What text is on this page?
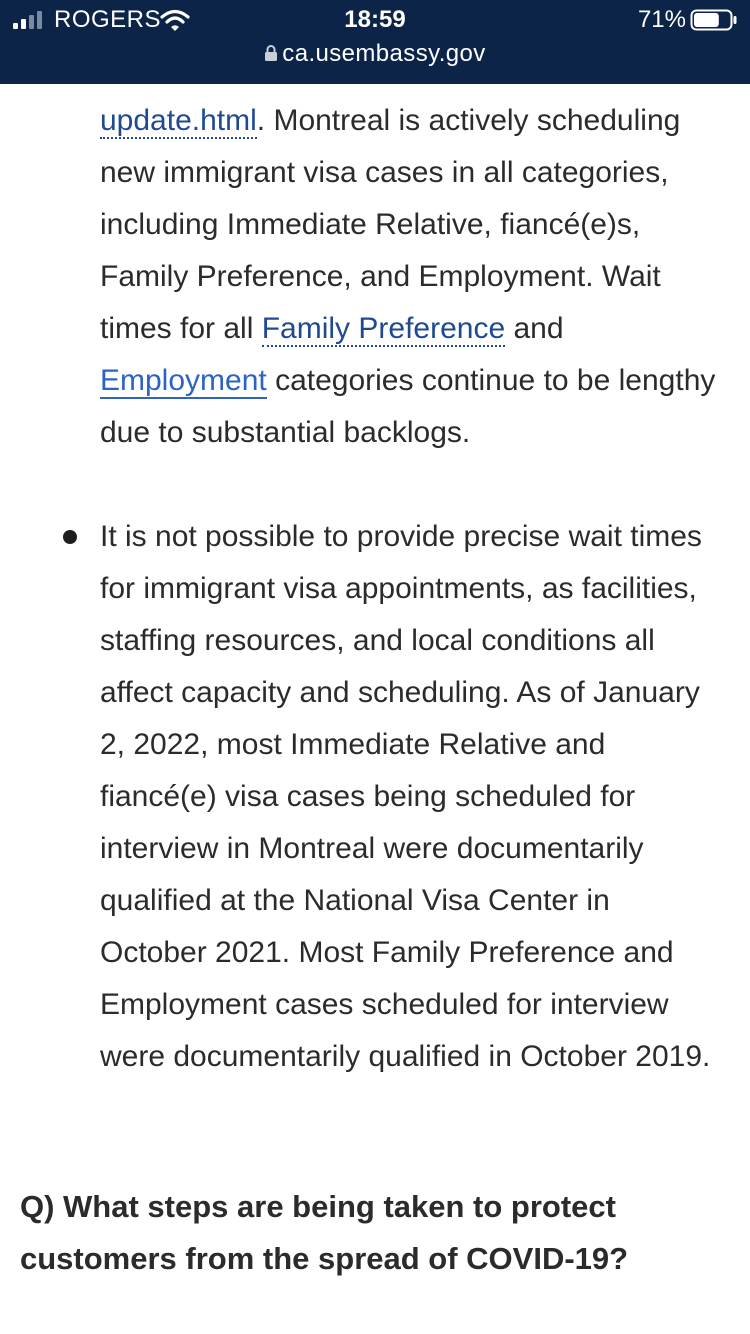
ROGERS	18:59	71%
ca.usembassy.gov
update.html. Montreal is actively scheduling new immigrant visa cases in all categories, including Immediate Relative, fiancé(e)s, Family Preference, and Employment. Wait times for all Family Preference and Employment categories continue to be lengthy due to substantial backlogs.
It is not possible to provide precise wait times for immigrant visa appointments, as facilities, staffing resources, and local conditions all affect capacity and scheduling. As of January 2, 2022, most Immediate Relative and fiancé(e) visa cases being scheduled for interview in Montreal were documentarily qualified at the National Visa Center in October 2021. Most Family Preference and Employment cases scheduled for interview were documentarily qualified in October 2019.
Q) What steps are being taken to protect customers from the spread of COVID-19?
